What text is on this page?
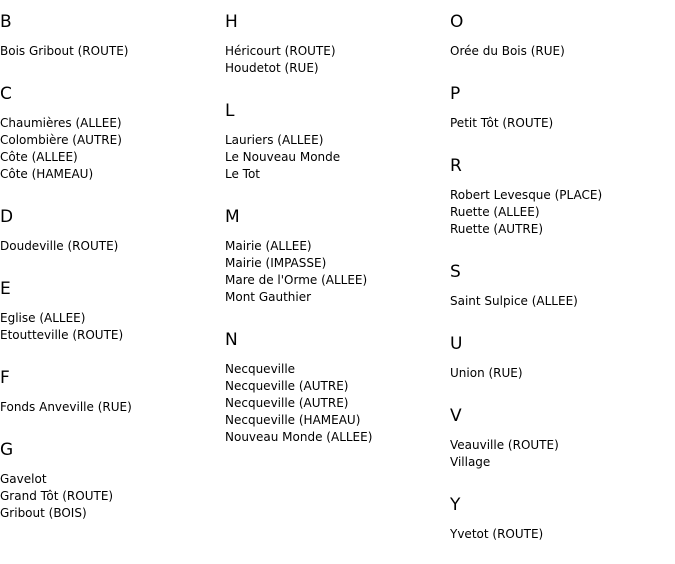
B
Bois Gribout (ROUTE)
C
Chaumières (ALLEE)
Colombière (AUTRE)
Côte (ALLEE)
Côte (HAMEAU)
D
Doudeville (ROUTE)
E
Eglise (ALLEE)
Etoutteville (ROUTE)
F
Fonds Anveville (RUE)
G
Gavelot
Grand Tôt (ROUTE)
Gribout (BOIS)
H
Héricourt (ROUTE)
Houdetot (RUE)
L
Lauriers (ALLEE)
Le Nouveau Monde
Le Tot
M
Mairie (ALLEE)
Mairie (IMPASSE)
Mare de l'Orme (ALLEE)
Mont Gauthier
N
Necqueville
Necqueville (AUTRE)
Necqueville (AUTRE)
Necqueville (HAMEAU)
Nouveau Monde (ALLEE)
O
Orée du Bois (RUE)
P
Petit Tôt (ROUTE)
R
Robert Levesque (PLACE)
Ruette (ALLEE)
Ruette (AUTRE)
S
Saint Sulpice (ALLEE)
U
Union (RUE)
V
Veauville (ROUTE)
Village
Y
Yvetot (ROUTE)
